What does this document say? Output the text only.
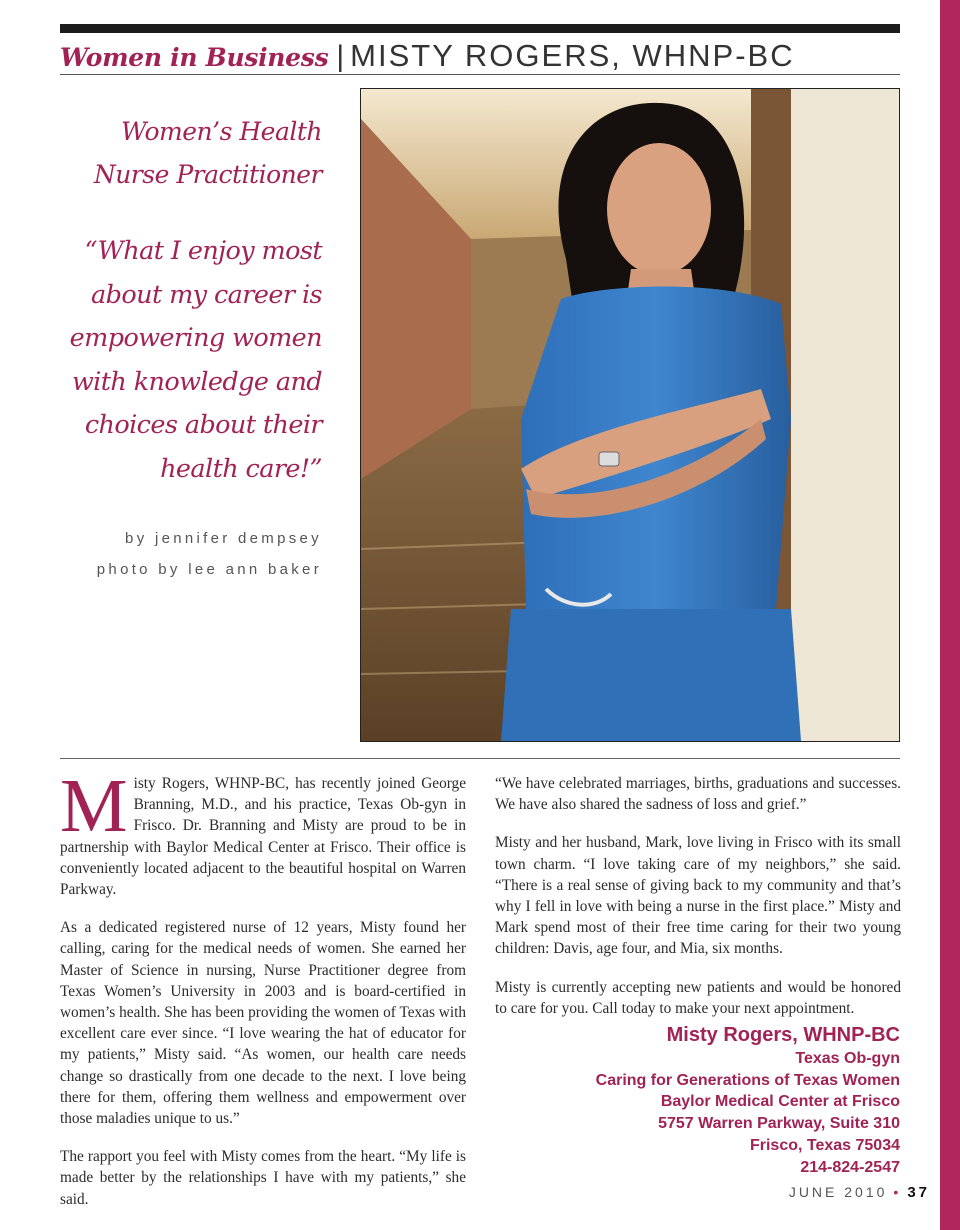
Women in Business | MISTY ROGERS, WHNP-BC
Women’s Health
Nurse Practitioner
“What I enjoy most
about my career is
empowering women
with knowledge and
choices about their
health care!”
by jennifer dempsey
photo by lee ann baker

Misty Rogers, WHNP-BC, has recently joined George Branning, M.D., and his practice, Texas Ob-gyn in Frisco. Dr. Branning and Misty are proud to be in partnership with Baylor Medical Center at Frisco. Their office is conveniently located adjacent to the beautiful hospital on Warren Parkway.

As a dedicated registered nurse of 12 years, Misty found her calling, caring for the medical needs of women. She earned her Master of Science in nursing, Nurse Practitioner degree from Texas Women’s University in 2003 and is board-certified in women’s health. She has been providing the women of Texas with excellent care ever since. “I love wearing the hat of educator for my patients,” Misty said. “As women, our health care needs change so drastically from one decade to the next. I love being there for them, offering them wellness and empowerment over those maladies unique to us.”

The rapport you feel with Misty comes from the heart. “My life is made better by the relationships I have with my patients,” she said.

“We have celebrated marriages, births, graduations and successes. We have also shared the sadness of loss and grief.”

Misty and her husband, Mark, love living in Frisco with its small town charm. “I love taking care of my neighbors,” she said. “There is a real sense of giving back to my community and that’s why I fell in love with being a nurse in the first place.” Misty and Mark spend most of their free time caring for their two young children: Davis, age four, and Mia, six months.

Misty is currently accepting new patients and would be honored to care for you. Call today to make your next appointment.

Misty Rogers, WHNP-BC
Texas Ob-gyn
Caring for Generations of Texas Women
Baylor Medical Center at Frisco
5757 Warren Parkway, Suite 310
Frisco, Texas 75034
214-824-2547
JUNE 2010 • 37
